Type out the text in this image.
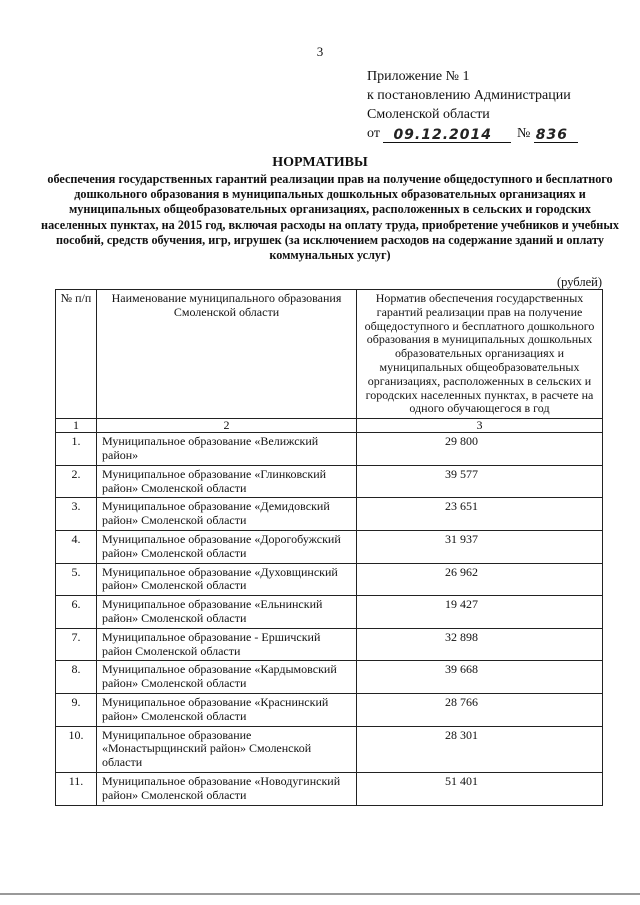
3
Приложение № 1
к постановлению Администрации
Смоленской области
от 09.12.2014 № 836
НОРМАТИВЫ
обеспечения государственных гарантий реализации прав на получение общедоступного и бесплатного дошкольного образования в муниципальных дошкольных образовательных организациях и муниципальных общеобразовательных организациях, расположенных в сельских и городских населенных пунктах, на 2015 год, включая расходы на оплату труда, приобретение учебников и учебных пособий, средств обучения, игр, игрушек (за исключением расходов на содержание зданий и оплату коммунальных услуг)
(рублей)
№ п/п	Наименование муниципального образования Смоленской области	Норматив обеспечения государственных гарантий реализации прав на получение общедоступного и бесплатного дошкольного образования в муниципальных дошкольных образовательных организациях и муниципальных общеобразовательных организациях, расположенных в сельских и городских населенных пунктах, в расчете на одного обучающегося в год
1	2	3
1.	Муниципальное образование «Велижский район»	29 800
2.	Муниципальное образование «Глинковский район» Смоленской области	39 577
3.	Муниципальное образование «Демидовский район» Смоленской области	23 651
4.	Муниципальное образование «Дорогобужский район» Смоленской области	31 937
5.	Муниципальное образование «Духовщинский район» Смоленской области	26 962
6.	Муниципальное образование «Ельнинский район» Смоленской области	19 427
7.	Муниципальное образование - Ершичский район Смоленской области	32 898
8.	Муниципальное образование «Кардымовский район» Смоленской области	39 668
9.	Муниципальное образование «Краснинский район» Смоленской области	28 766
10.	Муниципальное образование «Монастырщинский район» Смоленской области	28 301
11.	Муниципальное образование «Новодугинский район» Смоленской области	51 401
